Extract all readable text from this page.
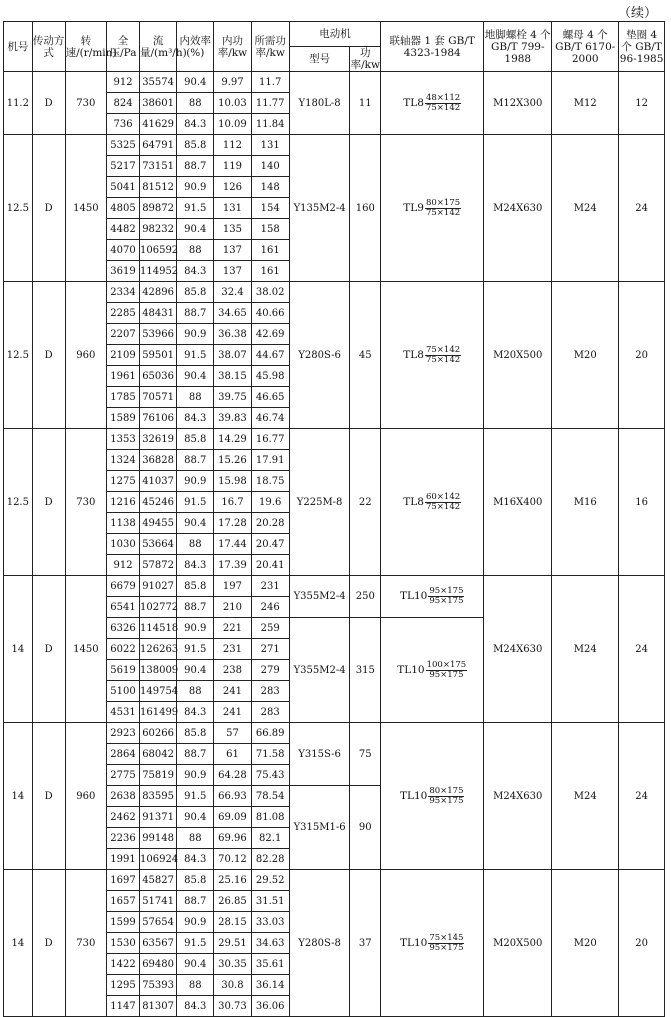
（续）
机号	传动方式	转速/(r/min)	全压/Pa	流量/(m³/h)	内效率(%)	内功率/kw	所需功率/kw	电动机		联轴器 1 套 GB/T 4323-1984	地脚螺栓 4 个 GB/T 799-1988	螺母 4 个 GB/T 6170-2000	垫圈 4 个 GB/T 96-1985
								型号	功率/kw				
11.2	D	730	912	35574	90.4	9.97	11.7	Y180L-8	11	$TL8 \frac{48\times 112}{75\times 142}$	M12X300	M12	12
			824	38601	88	10.03	11.77						
			736	41629	84.3	10.09	11.84						
12.5	D	1450	5325	64791	85.8	112	131	Y135M2-4	160	$TL9 \frac{80\times 175}{75\times 142}$	M24X630	M24	24
			5217	73151	88.7	119	140						
			5041	81512	90.9	126	148						
			4805	89872	91.5	131	154						
			4482	98232	90.4	135	158						
			4070	106592	88	137	161						
			3619	114952	84.3	137	161						
12.5	D	960	2334	42896	85.8	32.4	38.02	Y280S-6	45	$TL8 \frac{75\times 142}{75\times 142}$	M20X500	M20	20
			2285	48431	88.7	34.65	40.66						
			2207	53966	90.9	36.38	42.69						
			2109	59501	91.5	38.07	44.67						
			1961	65036	90.4	38.15	45.98						
			1785	70571	88	39.75	46.65						
			1589	76106	84.3	39.83	46.74						
12.5	D	730	1353	32619	85.8	14.29	16.77	Y225M-8	22	$TL8 \frac{60\times 142}{75\times 142}$	M16X400	M16	16
			1324	36828	88.7	15.26	17.91						
			1275	41037	90.9	15.98	18.75						
			1216	45246	91.5	16.7	19.6						
			1138	49455	90.4	17.28	20.28						
			1030	53664	88	17.44	20.47						
			912	57872	84.3	17.39	20.41						
14	D	1450	6679	91027	85.8	197	231	Y355M2-4	250	$TL10 \frac{95\times 175}{95\times 175}$	M24X630	M24	24
			6541	102772	88.7	210	246						
			6326	114518	90.9	221	259	Y355M2-4	315	$TL10 \frac{100\times 175}{95\times 175}$

			6022	126263	91.5	231	271						
			5619	138009	90.4	238	279						
			5100	149754	88	241	283						
			4531	161499	84.3	241	283						
14	D	960	2923	60266	85.8	57	66.89	Y315S-6	75	$TL10 \frac{80\times 175}{95\times 175}$	M24X630	M24	24
			2864	68042	88.7	61	71.58						
			2775	75819	90.9	64.28	75.43						
			2638	83595	91.5	66.93	78.54	Y315M1-6	90				
			2462	91371	90.4	69.09	81.08						
			2236	99148	88	69.96	82.1						
			1991	106924	84.3	70.12	82.28						
14	D	730	1697	45827	85.8	25.16	29.52	Y280S-8	37	$TL10 \frac{75\times 145}{95\times 175}$	M20X500	M20	20
			1657	51741	88.7	26.85	31.51						
			1599	57654	90.9	28.15	33.03						
			1530	63567	91.5	29.51	34.63						
			1422	69480	90.4	30.35	35.61						
			1295	75393	88	30.8	36.14						
			1147	81307	84.3	30.73	36.06						
